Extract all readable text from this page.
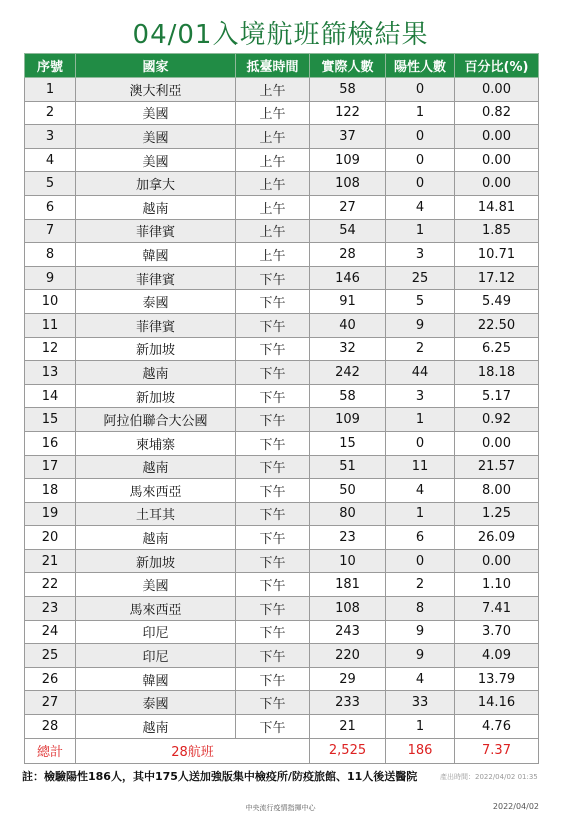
04/01入境航班篩檢結果
序號	國家	抵臺時間	實際人數	陽性人數	百分比(%)
1	澳大利亞	上午	58	0	0.00
2	美國	上午	122	1	0.82
3	美國	上午	37	0	0.00
4	美國	上午	109	0	0.00
5	加拿大	上午	108	0	0.00
6	越南	上午	27	4	14.81
7	菲律賓	上午	54	1	1.85
8	韓國	上午	28	3	10.71
9	菲律賓	下午	146	25	17.12
10	泰國	下午	91	5	5.49
11	菲律賓	下午	40	9	22.50
12	新加坡	下午	32	2	6.25
13	越南	下午	242	44	18.18
14	新加坡	下午	58	3	5.17
15	阿拉伯聯合大公國	下午	109	1	0.92
16	柬埔寨	下午	15	0	0.00
17	越南	下午	51	11	21.57
18	馬來西亞	下午	50	4	8.00
19	土耳其	下午	80	1	1.25
20	越南	下午	23	6	26.09
21	新加坡	下午	10	0	0.00
22	美國	下午	181	2	1.10
23	馬來西亞	下午	108	8	7.41
24	印尼	下午	243	9	3.70
25	印尼	下午	220	9	4.09
26	韓國	下午	29	4	13.79
27	泰國	下午	233	33	14.16
28	越南	下午	21	1	4.76
總計	28航班		2,525	186	7.37
註：檢驗陽性186人，其中175人送加強版集中檢疫所/防疫旅館、11人後送醫院	產出時間：2022/04/02 01:35
中央流行疫情指揮中心	2022/04/02
